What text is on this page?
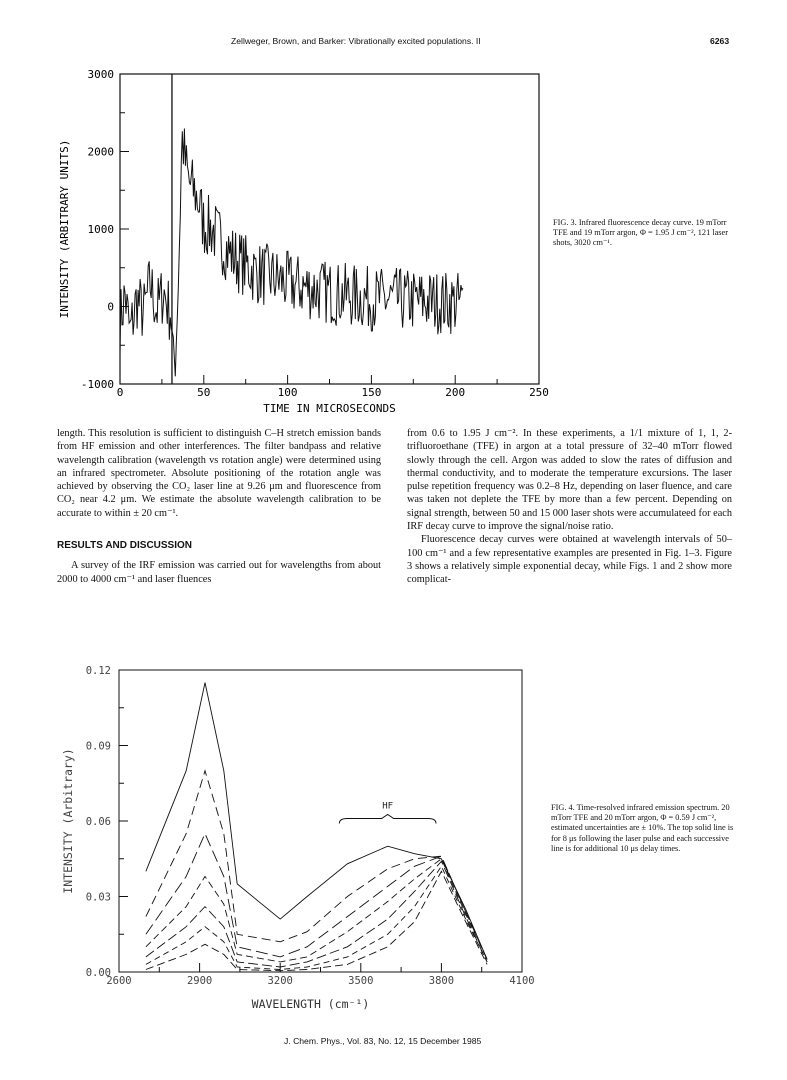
Zellweger, Brown, and Barker: Vibrationally excited populations. II	6263
-1000
0
1000
2000
3000
0	50	100	150	200	250
TIME IN MICROSECONDS
INTENSITY (ARBITRARY UNITS)	FIG. 3. Infrared fluorescence decay curve. 19 mTorr TFE and 19 mTorr argon, Φ = 1.95 J cm⁻², 121 laser shots, 3020 cm⁻¹.

length. This resolution is sufficient to distinguish C–H stretch emission bands from HF emission and other interferences. The filter bandpass and relative wavelength calibration (wavelength vs rotation angle) were determined using an infrared spectrometer. Absolute positioning of the rotation angle was achieved by observing the CO₂ laser line at 9.26 μm and fluorescence from CO₂ near 4.2 μm. We estimate the absolute wavelength calibration to be accurate to within ± 20 cm⁻¹.

RESULTS AND DISCUSSION

A survey of the IRF emission was carried out for wavelengths from about 2000 to 4000 cm⁻¹ and laser fluences

from 0.6 to 1.95 J cm⁻². In these experiments, a 1/1 mixture of 1, 1, 2-trifluoroethane (TFE) in argon at a total pressure of 32–40 mTorr flowed slowly through the cell. Argon was added to slow the rates of diffusion and thermal conductivity, and to moderate the temperature excursions. The laser pulse repetition frequency was 0.2–8 Hz, depending on laser fluence, and care was taken not deplete the TFE by more than a few percent. Depending on signal strength, between 50 and 15 000 laser shots were accumulateed for each IRF decay curve to improve the signal/noise ratio.

Fluorescence decay curves were obtained at wavelength intervals of 50–100 cm⁻¹ and a few representative examples are presented in Fig. 1–3. Figure 3 shows a relatively simple exponential decay, while Figs. 1 and 2 show more complicat-

0.00
0.03
0.06
0.09
0.12
2600	2900	3200	3500	3800	4100
WAVELENGTH (cm⁻¹)
INTENSITY (Arbitrary)	HF	FIG. 4. Time-resolved infrared emission spectrum. 20 mTorr TFE and 20 mTorr argon, Φ = 0.59 J cm⁻², estimated uncertainties are ± 10%. The top solid line is for 8 μs following the laser pulse and each successive line is for additional 10 μs delay times.
J. Chem. Phys., Vol. 83, No. 12, 15 December 1985
